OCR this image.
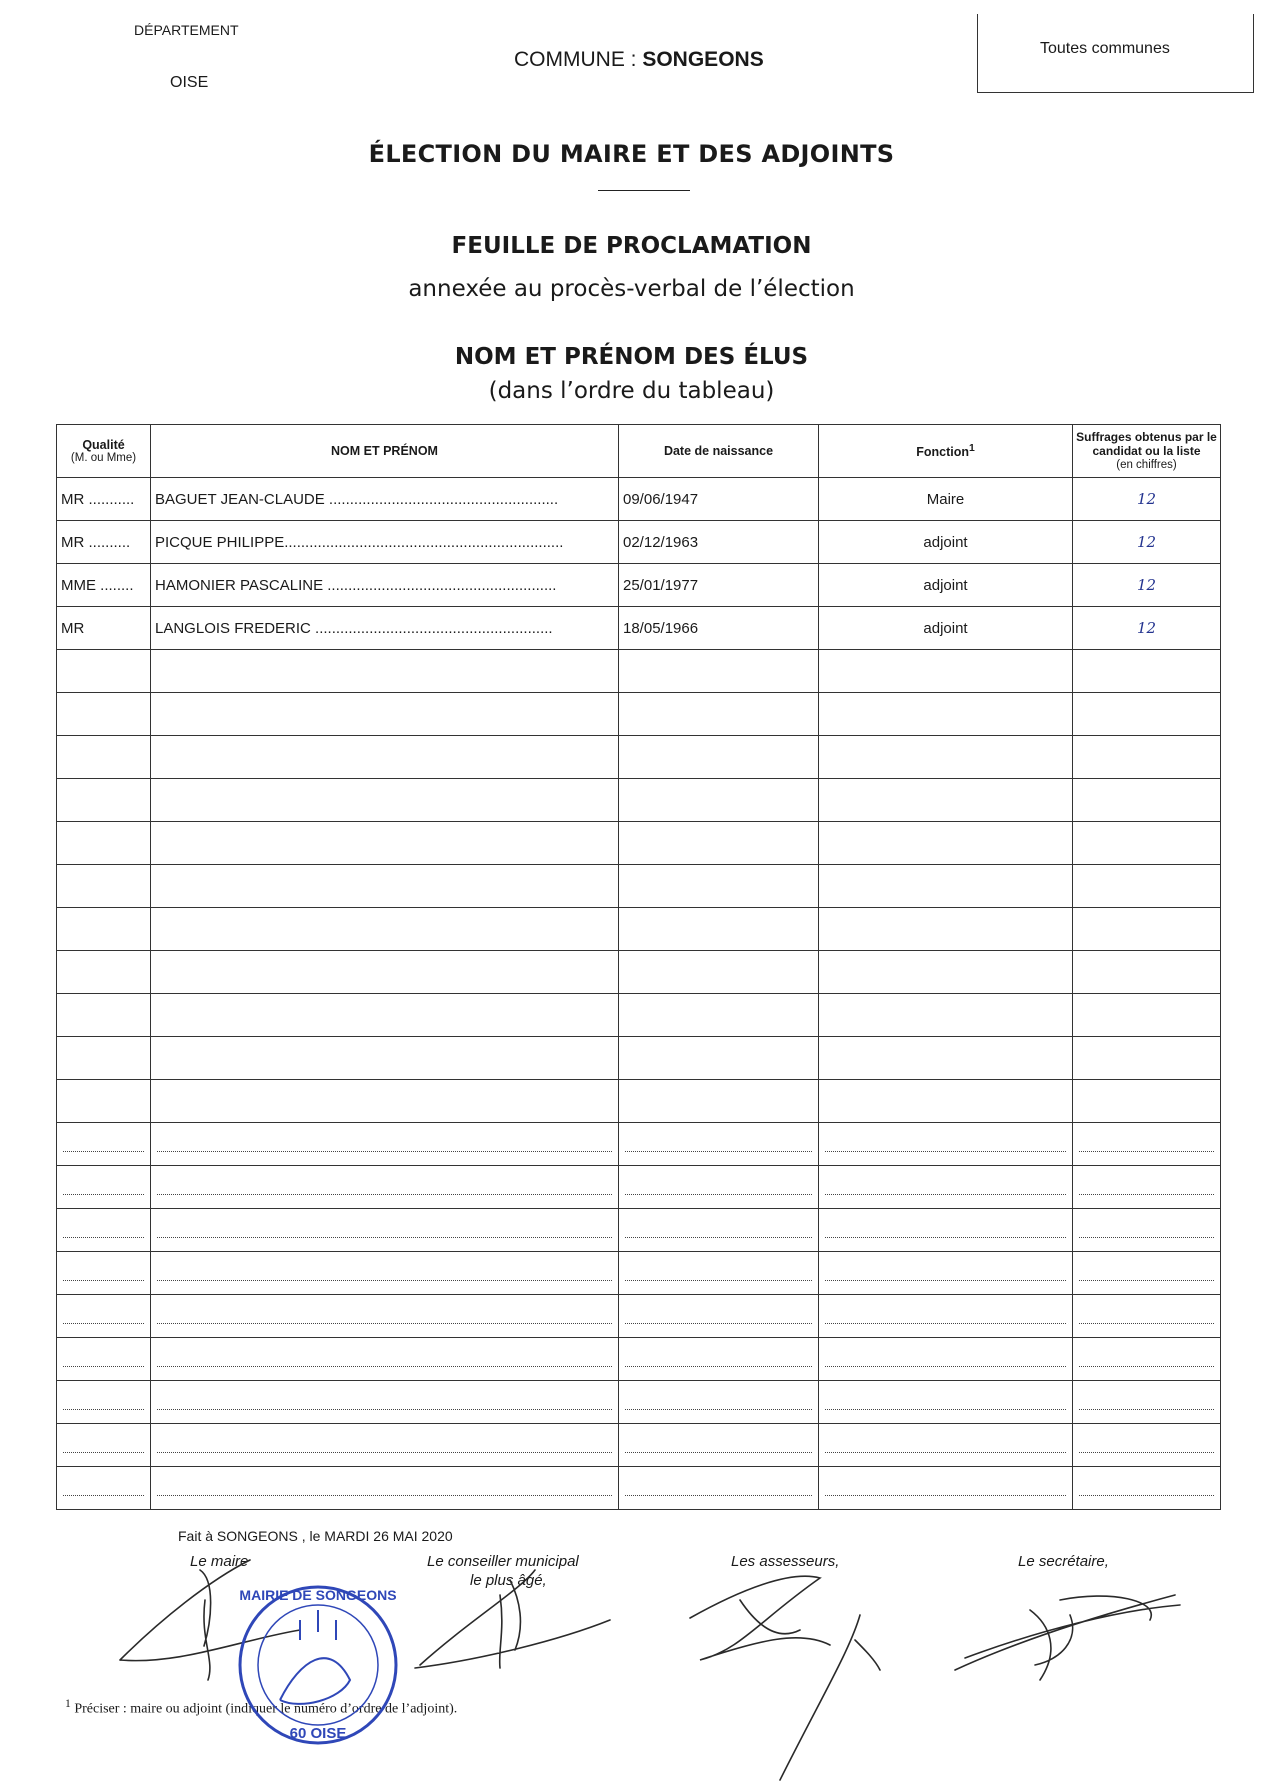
DÉPARTEMENT
OISE
COMMUNE : SONGEONS	Toutes communes
ÉLECTION DU MAIRE ET DES ADJOINTS
FEUILLE DE PROCLAMATION
annexée au procès-verbal de l’élection
NOM ET PRÉNOM DES ÉLUS
(dans l’ordre du tableau)
Qualité
(M. ou Mme)	NOM ET PRÉNOM	Date de naissance	Fonction$^1$	Suffrages obtenus par le candidat ou la liste
(en chiffres)

MR ...........	BAGUET JEAN-CLAUDE .......................................................	09/06/1947	Maire	12
MR ..........	PICQUE PHILIPPE...................................................................	02/12/1963	adjoint	12
MME ........	HAMONIER PASCALINE .......................................................	25/01/1977	adjoint	12
MR	LANGLOIS FREDERIC .........................................................	18/05/1966	adjoint	12

Fait à SONGEONS , le MARDI 26 MAI 2020
Le maire	Le conseiller municipal
le plus âgé,
Les assesseurs,	Le secrétaire,
$^1$ Préciser : maire ou adjoint (indiquer le numéro d’ordre de l’adjoint).
MAIRIE DE SONGEONS
60 OISE
